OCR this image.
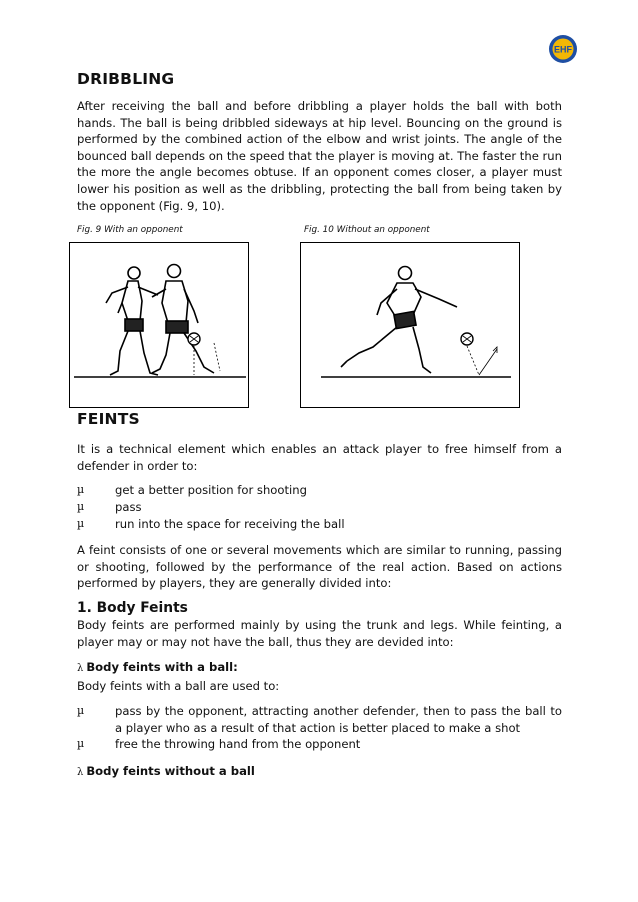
EHF
DRIBBLING

After receiving the ball and before dribbling a player holds the ball with both hands. The ball is being dribbled sideways at hip level. Bouncing on the ground is performed by the combined action of the elbow and wrist joints. The angle of the bounced ball depends on the speed that the player is moving at. The faster the run the more the angle becomes obtuse. If an opponent comes closer, a player must lower his position as well as the dribbling, protecting the ball from being taken by the opponent (Fig. 9, 10).

Fig. 9 With an opponent	Fig. 10 Without an opponent
FEINTS

It is a technical element which enables an attack player to free himself from a defender in order to:

µ	get a better position for shooting
µ	pass
µ	run into the space for receiving the ball

A feint consists of one or several movements which are similar to running, passing or shooting, followed by the performance of the real action. Based on actions performed by players, they are generally divided into:

1. Body Feints

Body feints are performed mainly by using the trunk and legs. While feinting, a player may or may not have the ball, thus they are devided into:

λ Body feints with a ball:

Body feints with a ball are used to:

µ	pass by the opponent, attracting another defender, then to pass the ball to a player who as a result of that action is better placed to make a shot
µ	free the throwing hand from the opponent
λ Body feints without a ball
